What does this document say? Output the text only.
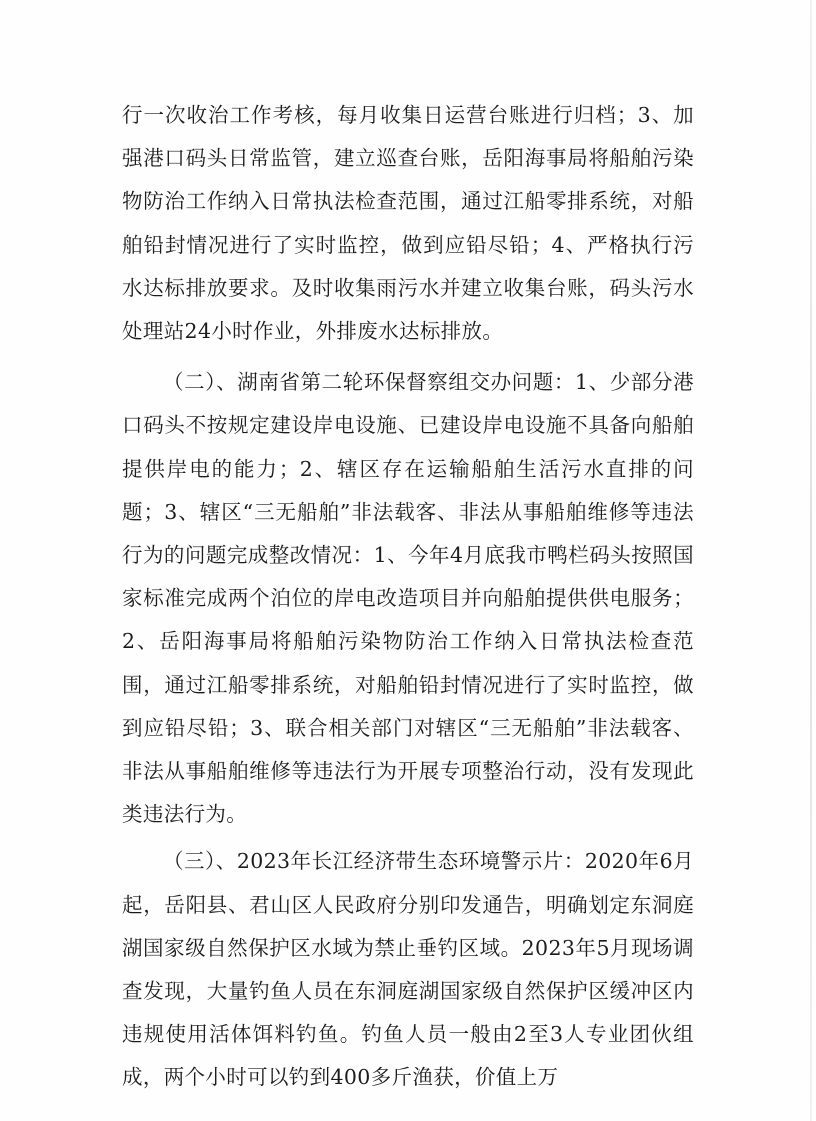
行一次收治工作考核，每月收集日运营台账进行归档；3、加强港口码头日常监管，建立巡查台账，岳阳海事局将船舶污染物防治工作纳入日常执法检查范围，通过江船零排系统，对船舶铅封情况进行了实时监控，做到应铅尽铅；4、严格执行污水达标排放要求。及时收集雨污水并建立收集台账，码头污水处理站24小时作业，外排废水达标排放。

（二）、湖南省第二轮环保督察组交办问题：1、少部分港口码头不按规定建设岸电设施、已建设岸电设施不具备向船舶提供岸电的能力；2、辖区存在运输船舶生活污水直排的问题；3、辖区“三无船舶”非法载客、非法从事船舶维修等违法行为的问题完成整改情况：1、今年4月底我市鸭栏码头按照国家标准完成两个泊位的岸电改造项目并向船舶提供供电服务；2、岳阳海事局将船舶污染物防治工作纳入日常执法检查范围，通过江船零排系统，对船舶铅封情况进行了实时监控，做到应铅尽铅；3、联合相关部门对辖区“三无船舶”非法载客、非法从事船舶维修等违法行为开展专项整治行动，没有发现此类违法行为。

（三）、2023年长江经济带生态环境警示片：2020年6月起，岳阳县、君山区人民政府分别印发通告，明确划定东洞庭湖国家级自然保护区水域为禁止垂钓区域。2023年5月现场调查发现，大量钓鱼人员在东洞庭湖国家级自然保护区缓冲区内违规使用活体饵料钓鱼。钓鱼人员一般由2至3人专业团伙组成，两个小时可以钓到400多斤渔获，价值上万
